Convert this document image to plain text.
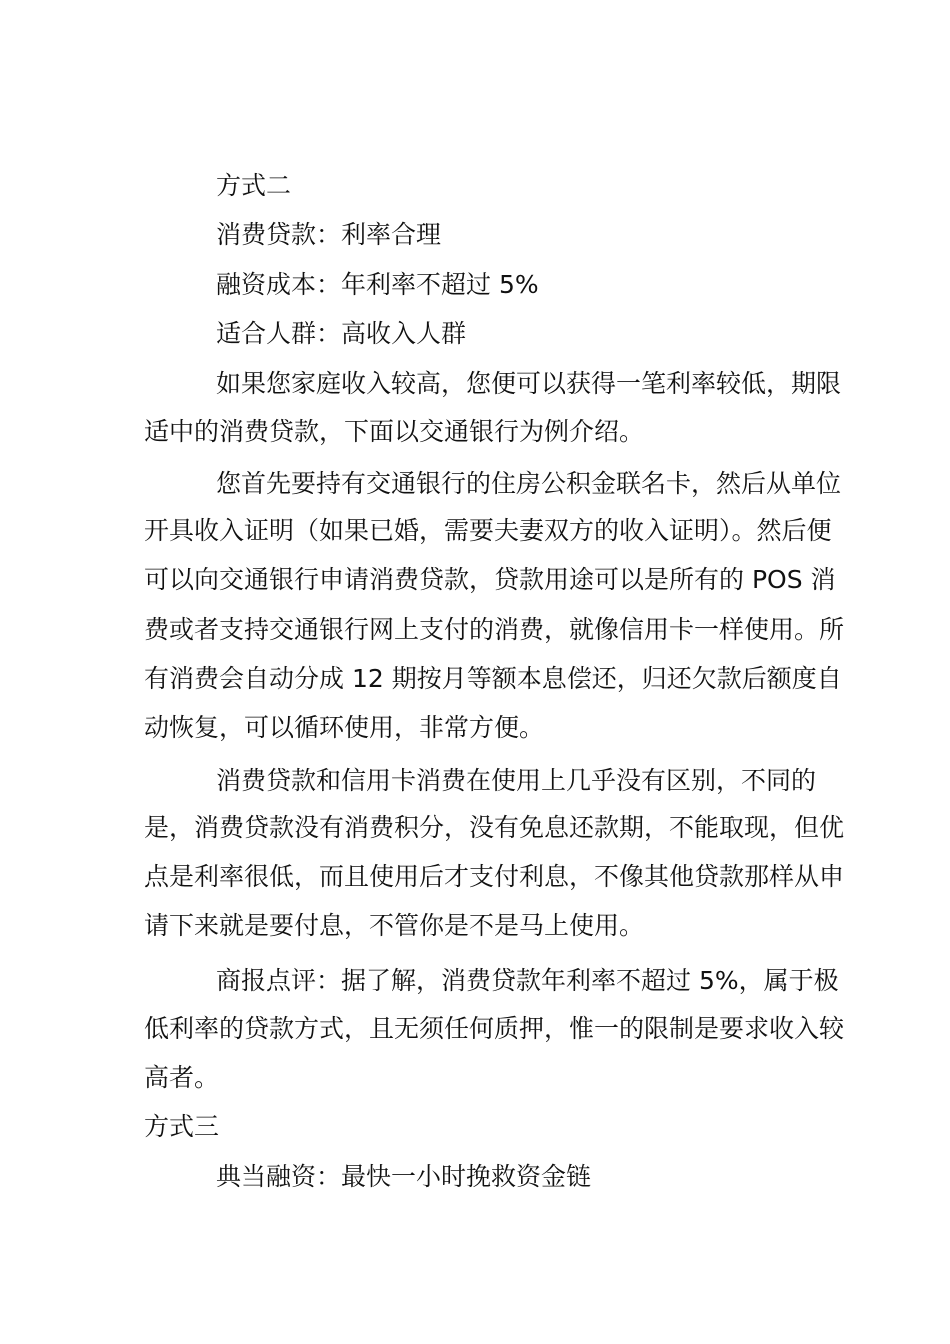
方式二
消费贷款：利率合理
融资成本：年利率不超过 5%
适合人群：高收入人群
如果您家庭收入较高，您便可以获得一笔利率较低，期限
适中的消费贷款，下面以交通银行为例介绍。
您首先要持有交通银行的住房公积金联名卡，然后从单位
开具收入证明（如果已婚，需要夫妻双方的收入证明）。然后便
可以向交通银行申请消费贷款，贷款用途可以是所有的 POS 消
费或者支持交通银行网上支付的消费，就像信用卡一样使用。所
有消费会自动分成 12 期按月等额本息偿还，归还欠款后额度自
动恢复，可以循环使用，非常方便。
消费贷款和信用卡消费在使用上几乎没有区别，不同的
是，消费贷款没有消费积分，没有免息还款期，不能取现，但优
点是利率很低，而且使用后才支付利息，不像其他贷款那样从申
请下来就是要付息，不管你是不是马上使用。
商报点评：据了解，消费贷款年利率不超过 5%，属于极
低利率的贷款方式，且无须任何质押，惟一的限制是要求收入较
高者。
方式三
典当融资：最快一小时挽救资金链
